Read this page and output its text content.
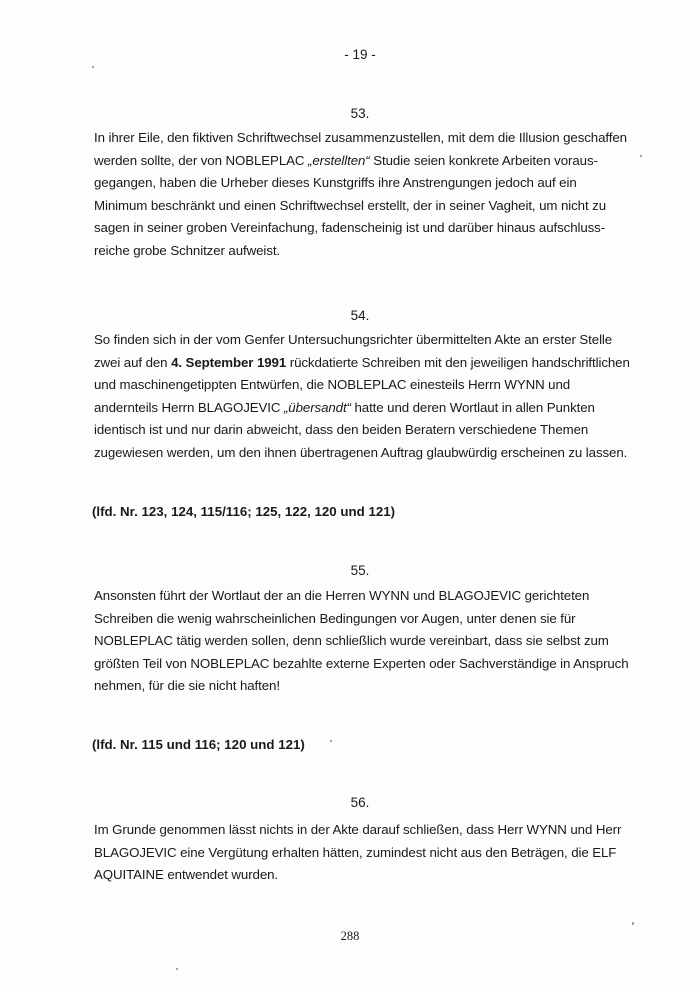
- 19 -
53.
In ihrer Eile, den fiktiven Schriftwechsel zusammenzustellen, mit dem die Illusion geschaffen
werden sollte, der von NOBLEPLAC „erstellten“ Studie seien konkrete Arbeiten voraus-
gegangen, haben die Urheber dieses Kunstgriffs ihre Anstrengungen jedoch auf ein
Minimum beschränkt und einen Schriftwechsel erstellt, der in seiner Vagheit, um nicht zu
sagen in seiner groben Vereinfachung, fadenscheinig ist und darüber hinaus aufschluss-
reiche grobe Schnitzer aufweist.
54.
So finden sich in der vom Genfer Untersuchungsrichter übermittelten Akte an erster Stelle
zwei auf den 4. September 1991 rückdatierte Schreiben mit den jeweiligen handschriftlichen
und maschinengetippten Entwürfen, die NOBLEPLAC einesteils Herrn WYNN und
andernteils Herrn BLAGOJEVIC „übersandt“ hatte und deren Wortlaut in allen Punkten
identisch ist und nur darin abweicht, dass den beiden Beratern verschiedene Themen
zugewiesen werden, um den ihnen übertragenen Auftrag glaubwürdig erscheinen zu lassen.
(lfd. Nr. 123, 124, 115/116; 125, 122, 120 und 121)
55.
Ansonsten führt der Wortlaut der an die Herren WYNN und BLAGOJEVIC gerichteten
Schreiben die wenig wahrscheinlichen Bedingungen vor Augen, unter denen sie für
NOBLEPLAC tätig werden sollen, denn schließlich wurde vereinbart, dass sie selbst zum
größten Teil von NOBLEPLAC bezahlte externe Experten oder Sachverständige in Anspruch
nehmen, für die sie nicht haften!
(lfd. Nr. 115 und 116; 120 und 121)
56.
Im Grunde genommen lässt nichts in der Akte darauf schließen, dass Herr WYNN und Herr
BLAGOJEVIC eine Vergütung erhalten hätten, zumindest nicht aus den Beträgen, die ELF
AQUITAINE entwendet wurden.
288
